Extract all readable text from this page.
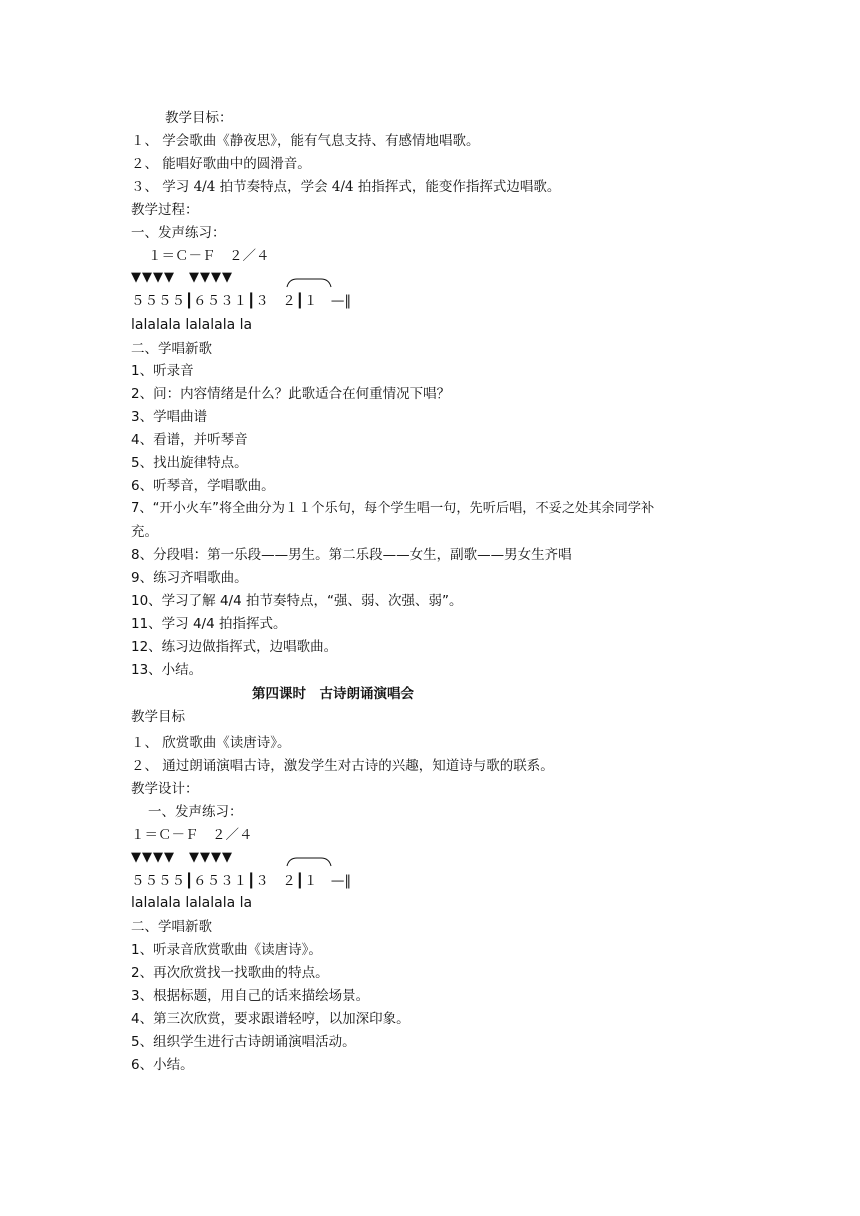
教学目标：
１、 学会歌曲《静夜思》，能有气息支持、有感情地唱歌。
２、 能唱好歌曲中的圆滑音。
３、 学习 4/4 拍节奏特点，学会 4/4 拍指挥式，能变作指挥式边唱歌。
教学过程：
一、发声练习：
１＝Ｃ－Ｆ　２／４
▼▼▼▼　▼▼▼▼
５５５５┃６５３１┃３　２┃１　—‖
lalalala lalalala la
二、学唱新歌
1、听录音
2、问：内容情绪是什么？此歌适合在何重情况下唱？
3、学唱曲谱
4、看谱，并听琴音
5、找出旋律特点。
6、听琴音，学唱歌曲。
7、“开小火车”将全曲分为１１个乐句，每个学生唱一句，先听后唱，不妥之处其余同学补
充。
8、分段唱：第一乐段——男生。第二乐段——女生，副歌——男女生齐唱
9、练习齐唱歌曲。
10、学习了解 4/4 拍节奏特点，“强、弱、次强、弱”。
11、学习 4/4 拍指挥式。
12、练习边做指挥式，边唱歌曲。
13、小结。
第四课时　古诗朗诵演唱会
教学目标
１、 欣赏歌曲《读唐诗》。
２、 通过朗诵演唱古诗，激发学生对古诗的兴趣，知道诗与歌的联系。
教学设计：
一、发声练习：
１＝Ｃ－Ｆ　２／４
▼▼▼▼　▼▼▼▼
５５５５┃６５３１┃３　２┃１　—‖
lalalala lalalala la
二、学唱新歌
1、听录音欣赏歌曲《读唐诗》。
2、再次欣赏找一找歌曲的特点。
3、根据标题，用自己的话来描绘场景。
4、第三次欣赏，要求跟谱轻哼，以加深印象。
5、组织学生进行古诗朗诵演唱活动。
6、小结。
